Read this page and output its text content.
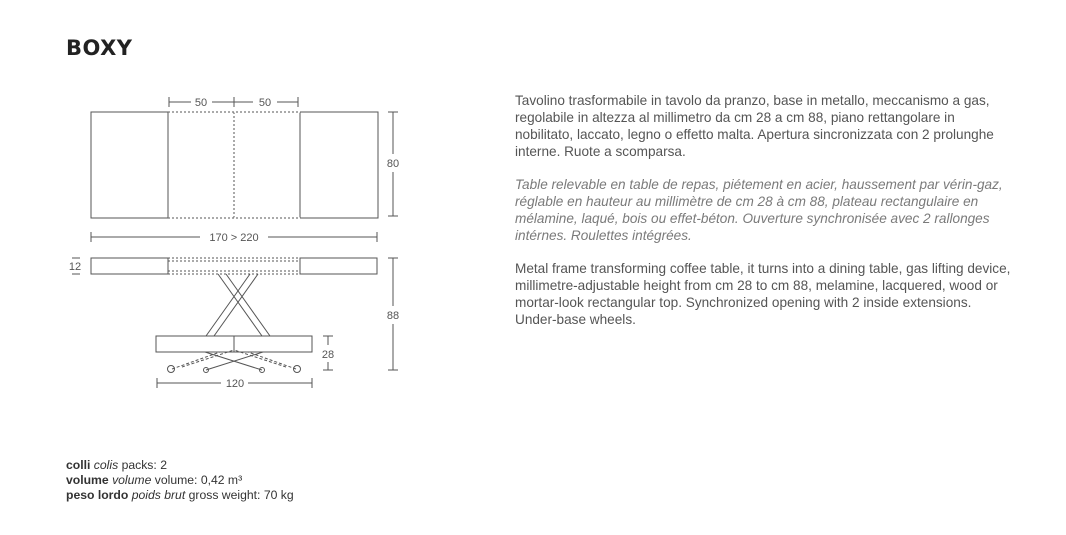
BOXY
50	50
80
170 > 220
12
88
28
120

Tavolino trasformabile in tavolo da pranzo, base in metallo, meccanismo a gas, regolabile in altezza al millimetro da cm 28 a cm 88, piano rettangolare in nobilitato, laccato, legno o effetto malta. Apertura sincronizzata con 2 prolunghe interne. Ruote a scomparsa.

Table relevable en table de repas, piétement en acier, haussement par vérin-gaz, réglable en hauteur au millimètre de cm 28 à cm 88, plateau rectangulaire en mélamine, laqué, bois ou effet-béton. Ouverture synchronisée avec 2 rallonges intérnes. Roulettes intégrées.

Metal frame transforming coffee table, it turns into a dining table, gas lifting device, millimetre-adjustable height from cm 28 to cm 88, melamine, lacquered, wood or mortar-look rectangular top. Synchronized opening with 2 inside extensions. Under-base wheels.

colli colis packs: 2
volume volume volume: 0,42 m³
peso lordo poids brut gross weight: 70 kg
